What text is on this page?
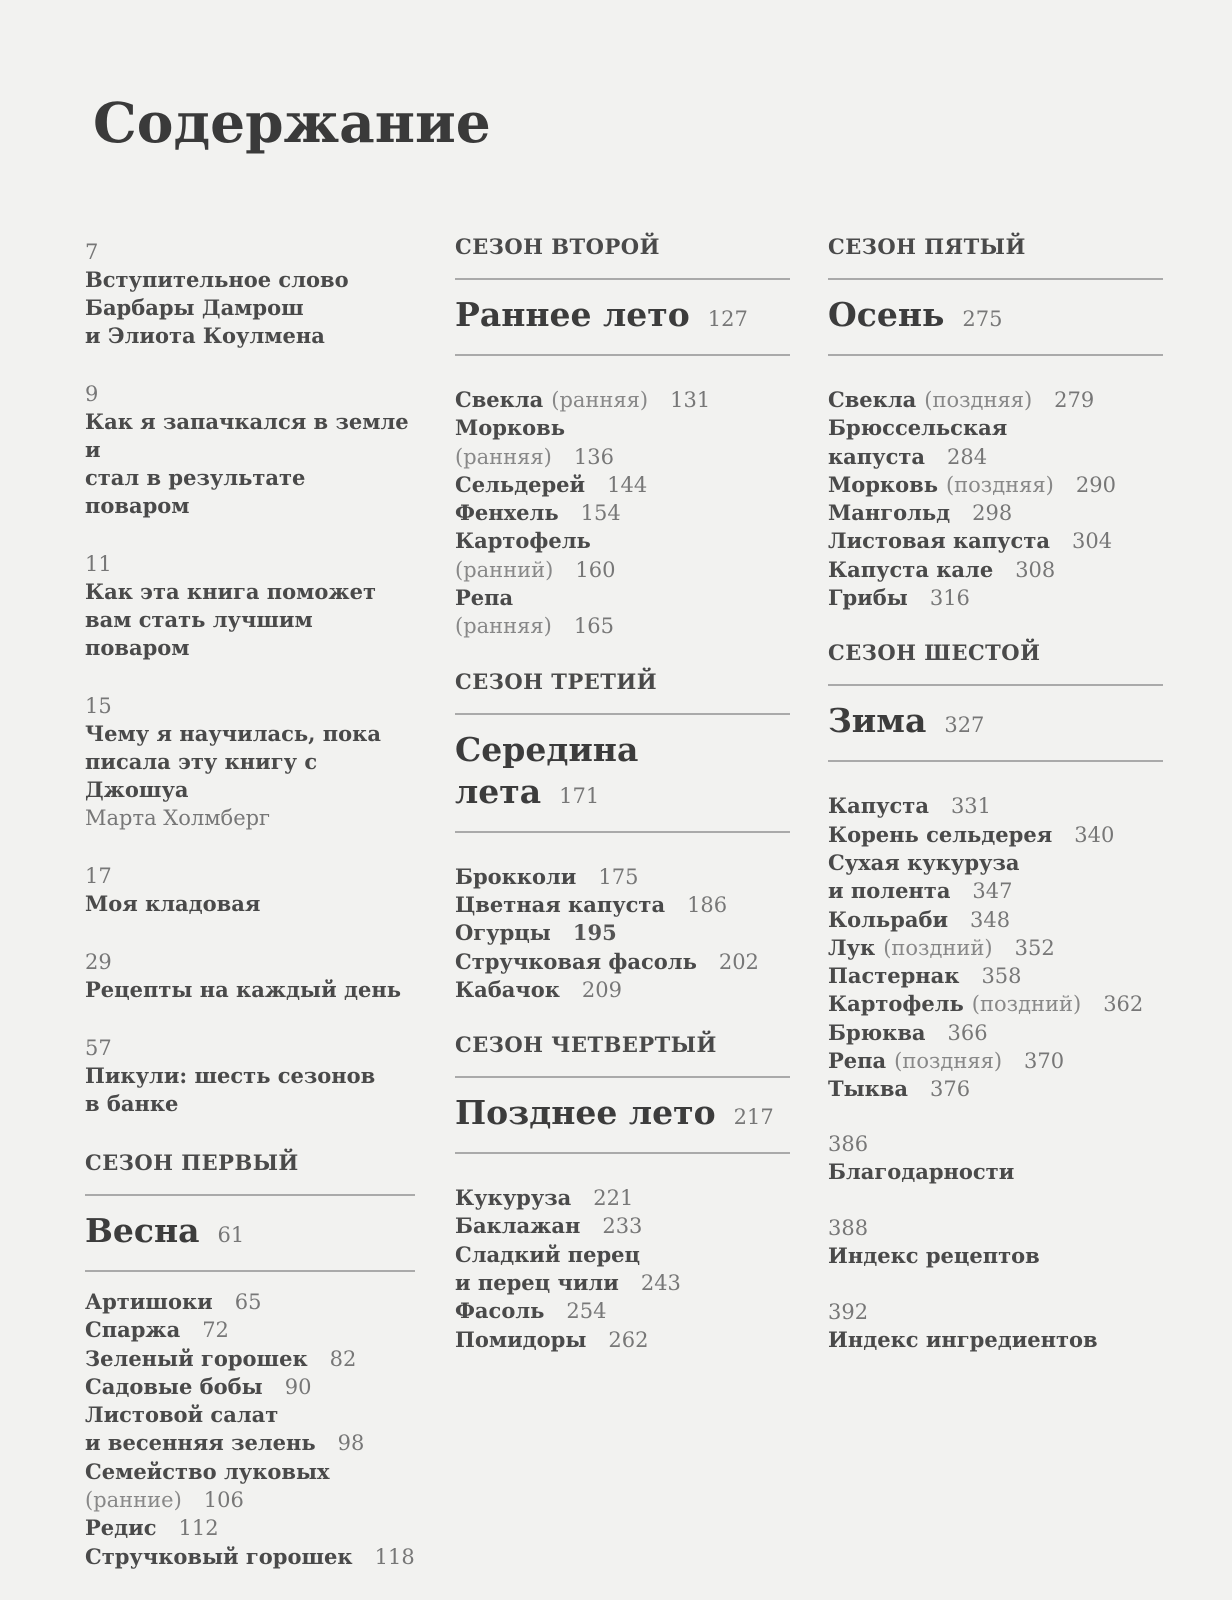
Содержание
7
Вступительное слово
Барбары Дамрош
и Элиота Коулмена
9
Как я запачкался в земле и
стал в результате поваром
11
Как эта книга поможет
вам стать лучшим поваром
15
Чему я научилась, пока
писала эту книгу с Джошуа
Марта Холмберг
17
Моя кладовая
29
Рецепты на каждый день
57
Пикули: шесть сезонов
в банке
СЕЗОН ПЕРВЫЙ
Весна 61
Артишоки 65
Спаржа 72
Зеленый горошек 82
Садовые бобы 90
Листовой салат
и весенняя зелень 98
Семейство луковых
(ранние) 106
Редис 112
Стручковый горошек 118
СЕЗОН ВТОРОЙ
Раннее лето 127
Свекла (ранняя) 131
Морковь
(ранняя) 136
Сельдерей 144
Фенхель 154
Картофель
(ранний) 160
Репа
(ранняя) 165
СЕЗОН ТРЕТИЙ
Середина
лета 171
Брокколи 175
Цветная капуста 186
Огурцы 195
Стручковая фасоль 202
Кабачок 209
СЕЗОН ЧЕТВЕРТЫЙ
Позднее лето 217
Кукуруза 221
Баклажан 233
Сладкий перец
и перец чили 243
Фасоль 254
Помидоры 262
СЕЗОН ПЯТЫЙ
Осень 275
Свекла (поздняя) 279
Брюссельская
капуста 284
Морковь (поздняя) 290
Мангольд 298
Листовая капуста 304
Капуста кале 308
Грибы 316
СЕЗОН ШЕСТОЙ
Зима 327
Капуста 331
Корень сельдерея 340
Сухая кукуруза
и полента 347
Кольраби 348
Лук (поздний) 352
Пастернак 358
Картофель (поздний) 362
Брюква 366
Репа (поздняя) 370
Тыква 376
386
Благодарности
388
Индекс рецептов
392
Индекс ингредиентов
